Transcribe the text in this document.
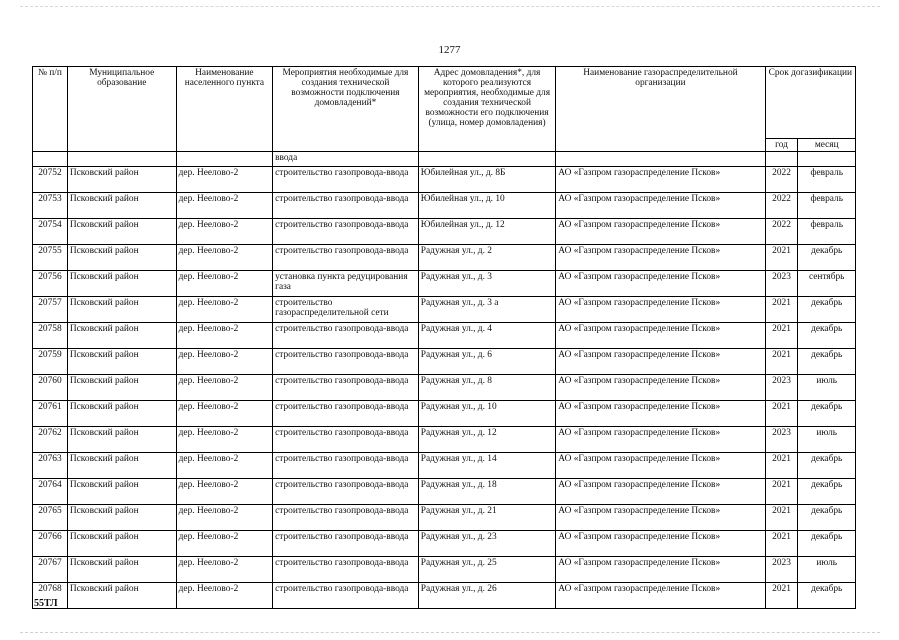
1277
№ п/п	Муниципальное образование	Наименование населенного пункта	Мероприятия необходимые для создания технической возможности подключения домовладений*	Адрес домовладения*, для которого реализуются мероприятия, необходимые для создания технической возможности его подключения (улица, номер домовладения)	Наименование газораспределительной организации	Срок догазификации	
						год	месяц
			ввода				
20752	Псковский район	дер. Неелово-2	строительство газопровода-ввода	Юбилейная ул., д. 8Б	АО «Газпром газораспределение Псков»	2022	февраль
20753	Псковский район	дер. Неелово-2	строительство газопровода-ввода	Юбилейная ул., д. 10	АО «Газпром газораспределение Псков»	2022	февраль
20754	Псковский район	дер. Неелово-2	строительство газопровода-ввода	Юбилейная ул., д. 12	АО «Газпром газораспределение Псков»	2022	февраль
20755	Псковский район	дер. Неелово-2	строительство газопровода-ввода	Радужная ул., д. 2	АО «Газпром газораспределение Псков»	2021	декабрь
20756	Псковский район	дер. Неелово-2	установка пункта редуцирования газа	Радужная ул., д. 3	АО «Газпром газораспределение Псков»	2023	сентябрь
20757	Псковский район	дер. Неелово-2	строительство газораспределительной сети	Радужная ул., д. 3 а	АО «Газпром газораспределение Псков»	2021	декабрь
20758	Псковский район	дер. Неелово-2	строительство газопровода-ввода	Радужная ул., д. 4	АО «Газпром газораспределение Псков»	2021	декабрь
20759	Псковский район	дер. Неелово-2	строительство газопровода-ввода	Радужная ул., д. 6	АО «Газпром газораспределение Псков»	2021	декабрь
20760	Псковский район	дер. Неелово-2	строительство газопровода-ввода	Радужная ул., д. 8	АО «Газпром газораспределение Псков»	2023	июль
20761	Псковский район	дер. Неелово-2	строительство газопровода-ввода	Радужная ул., д. 10	АО «Газпром газораспределение Псков»	2021	декабрь
20762	Псковский район	дер. Неелово-2	строительство газопровода-ввода	Радужная ул., д. 12	АО «Газпром газораспределение Псков»	2023	июль
20763	Псковский район	дер. Неелово-2	строительство газопровода-ввода	Радужная ул., д. 14	АО «Газпром газораспределение Псков»	2021	декабрь
20764	Псковский район	дер. Неелово-2	строительство газопровода-ввода	Радужная ул., д. 18	АО «Газпром газораспределение Псков»	2021	декабрь
20765	Псковский район	дер. Неелово-2	строительство газопровода-ввода	Радужная ул., д. 21	АО «Газпром газораспределение Псков»	2021	декабрь
20766	Псковский район	дер. Неелово-2	строительство газопровода-ввода	Радужная ул., д. 23	АО «Газпром газораспределение Псков»	2021	декабрь
20767	Псковский район	дер. Неелово-2	строительство газопровода-ввода	Радужная ул., д. 25	АО «Газпром газораспределение Псков»	2023	июль
20768	Псковский район	дер. Неелово-2	строительство газопровода-ввода	Радужная ул., д. 26	АО «Газпром газораспределение Псков»	2021	декабрь
55ТЛ
